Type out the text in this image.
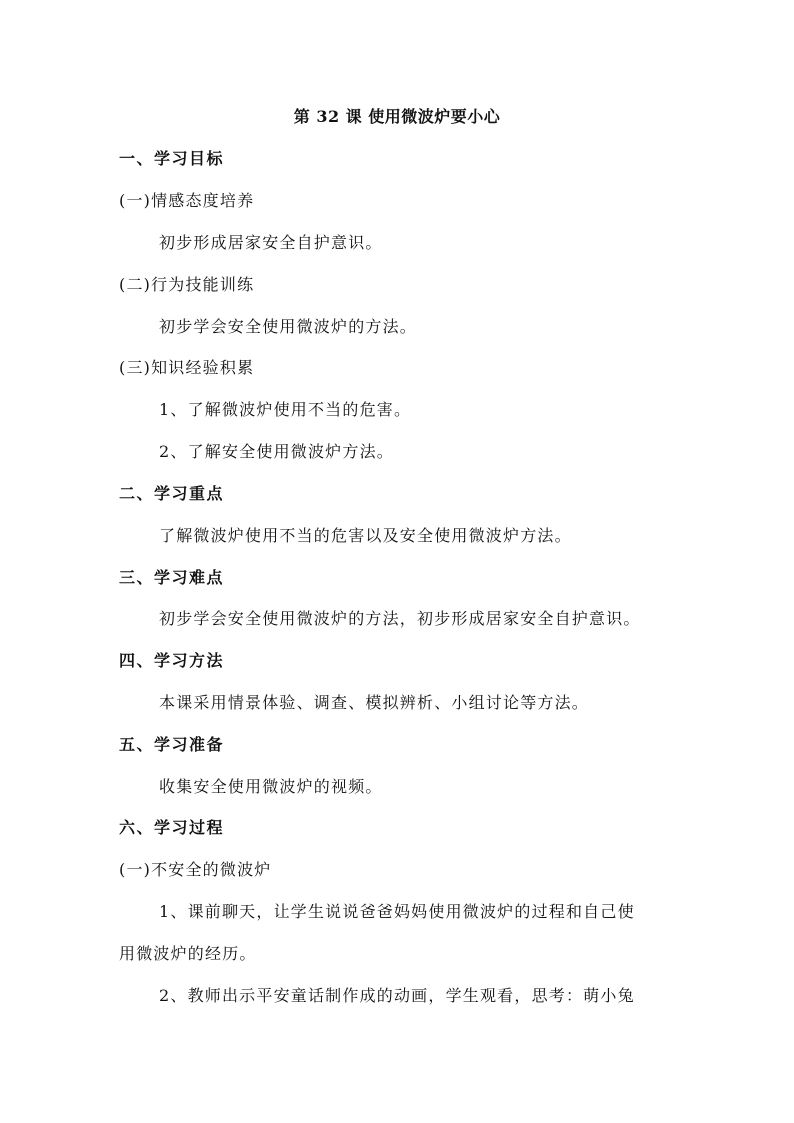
第 32 课 使用微波炉要小心
一、学习目标
(一)情感态度培养
初步形成居家安全自护意识。
(二)行为技能训练
初步学会安全使用微波炉的方法。
(三)知识经验积累
1、了解微波炉使用不当的危害。
2、了解安全使用微波炉方法。
二、学习重点
了解微波炉使用不当的危害以及安全使用微波炉方法。
三、学习难点
初步学会安全使用微波炉的方法，初步形成居家安全自护意识。
四、学习方法
本课采用情景体验、调查、模拟辨析、小组讨论等方法。
五、学习准备
收集安全使用微波炉的视频。
六、学习过程
(一)不安全的微波炉
1、课前聊天，让学生说说爸爸妈妈使用微波炉的过程和自己使
用微波炉的经历。
2、教师出示平安童话制作成的动画，学生观看，思考：萌小兔
